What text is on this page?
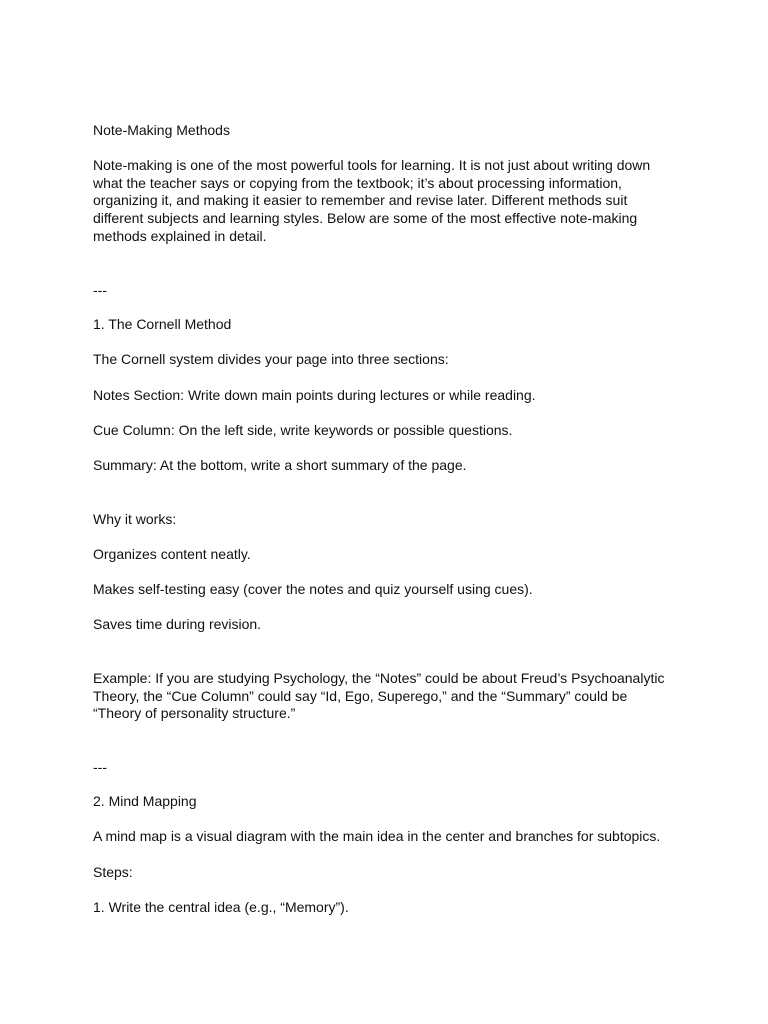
Note-Making Methods
Note-making is one of the most powerful tools for learning. It is not just about writing down
what the teacher says or copying from the textbook; it’s about processing information,
organizing it, and making it easier to remember and revise later. Different methods suit
different subjects and learning styles. Below are some of the most effective note-making
methods explained in detail.
---
1. The Cornell Method
The Cornell system divides your page into three sections:
Notes Section: Write down main points during lectures or while reading.
Cue Column: On the left side, write keywords or possible questions.
Summary: At the bottom, write a short summary of the page.
Why it works:
Organizes content neatly.
Makes self-testing easy (cover the notes and quiz yourself using cues).
Saves time during revision.
Example: If you are studying Psychology, the “Notes” could be about Freud’s Psychoanalytic
Theory, the “Cue Column” could say “Id, Ego, Superego,” and the “Summary” could be
“Theory of personality structure.”
---
2. Mind Mapping
A mind map is a visual diagram with the main idea in the center and branches for subtopics.
Steps:
1. Write the central idea (e.g., “Memory”).
